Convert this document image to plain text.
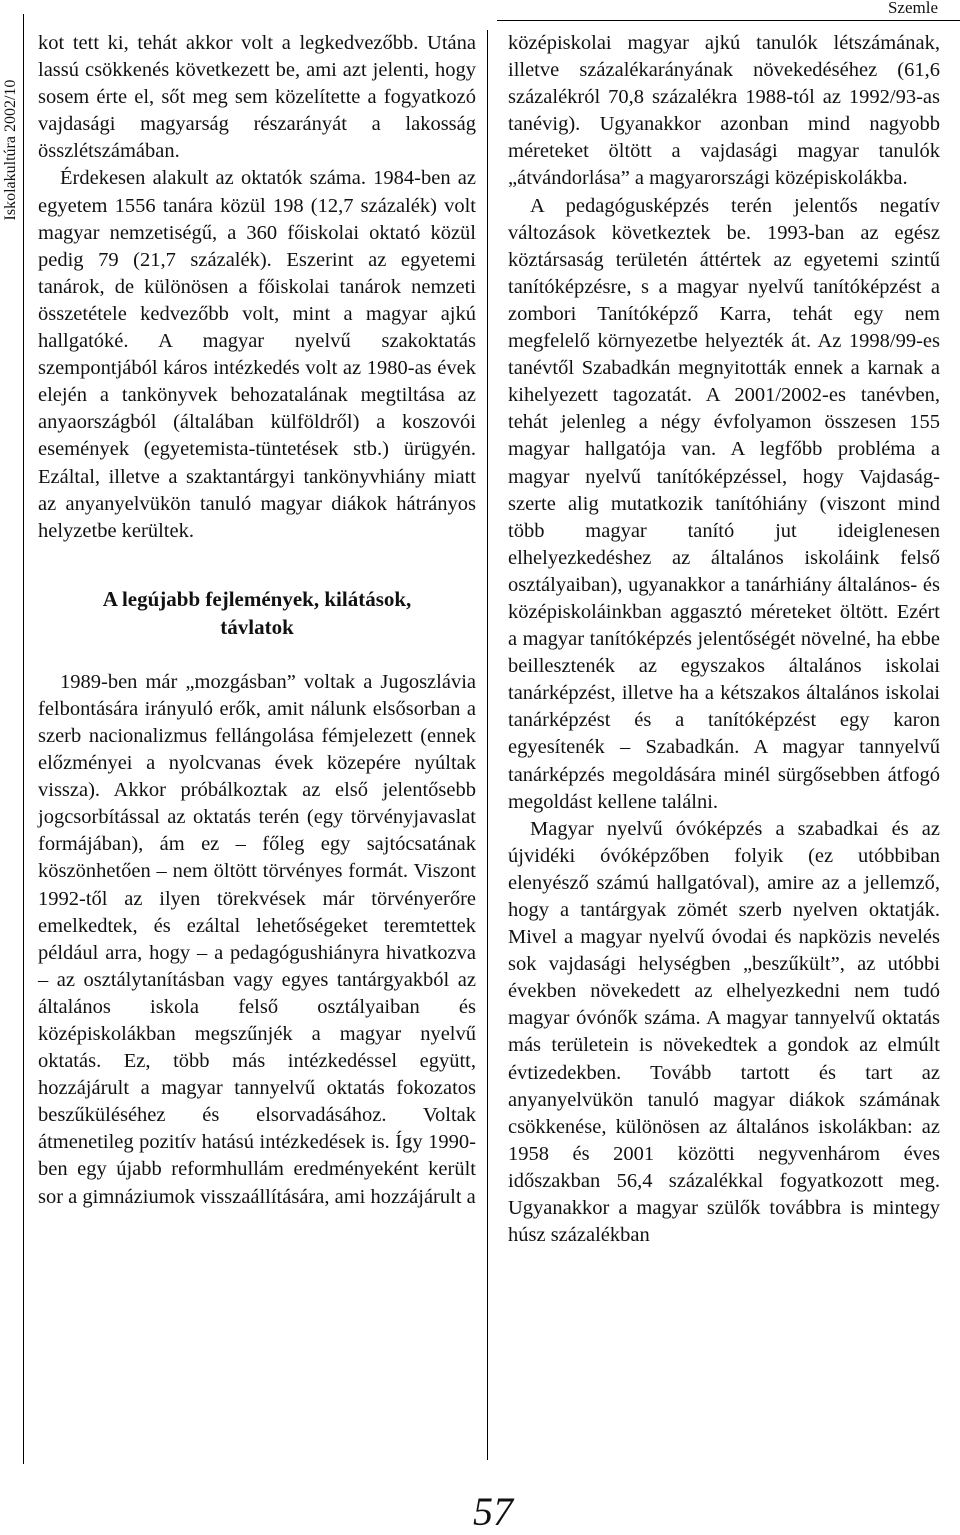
Iskolakultúra 2002/10
Szemle

kot tett ki, tehát akkor volt a legkedvezőbb. Utána lassú csökkenés következett be, ami azt jelenti, hogy sosem érte el, sőt meg sem közelítette a fogyatkozó vajdasági magyarság részarányát a lakosság összlétszámában.

Érdekesen alakult az oktatók száma. 1984-ben az egyetem 1556 tanára közül 198 (12,7 százalék) volt magyar nemzetiségű, a 360 főiskolai oktató közül pedig 79 (21,7 százalék). Eszerint az egyetemi tanárok, de különösen a főiskolai tanárok nemzeti összetétele kedvezőbb volt, mint a magyar ajkú hallgatóké. A magyar nyelvű szakoktatás szempontjából káros intézkedés volt az 1980-as évek elején a tankönyvek behozatalának megtiltása az anyaországból (általában külföldről) a koszovói események (egyetemista-tüntetések stb.) ürügyén. Ezáltal, illetve a szaktantárgyi tankönyvhiány miatt az anyanyelvükön tanuló magyar diákok hátrányos helyzetbe kerültek.

A legújabb fejlemények, kilátások, távlatok

1989-ben már „mozgásban” voltak a Jugoszlávia felbontására irányuló erők, amit nálunk elsősorban a szerb nacionalizmus fellángolása fémjelezett (ennek előzményei a nyolcvanas évek közepére nyúltak vissza). Akkor próbálkoztak az első jelentősebb jogcsorbítással az oktatás terén (egy törvényjavaslat formájában), ám ez – főleg egy sajtócsatának köszönhetően – nem öltött törvényes formát. Viszont 1992-től az ilyen törekvések már törvényerőre emelkedtek, és ezáltal lehetőségeket teremtettek például arra, hogy – a pedagógushiányra hivatkozva – az osztálytanításban vagy egyes tantárgyakból az általános iskola felső osztályaiban és középiskolákban megszűnjék a magyar nyelvű oktatás. Ez, több más intézkedéssel együtt, hozzájárult a magyar tannyelvű oktatás fokozatos beszűküléséhez és elsorvadásához. Voltak átmenetileg pozitív hatású intézkedések is. Így 1990-ben egy újabb reformhullám eredményeként került sor a gimnáziumok visszaállítására, ami hozzájárult a

középiskolai magyar ajkú tanulók létszámának, illetve százalékarányának növekedéséhez (61,6 százalékról 70,8 százalékra 1988-tól az 1992/93-as tanévig). Ugyanakkor azonban mind nagyobb méreteket öltött a vajdasági magyar tanulók „átvándorlása” a magyarországi középiskolákba.

A pedagógusképzés terén jelentős negatív változások következtek be. 1993-ban az egész köztársaság területén áttértek az egyetemi szintű tanítóképzésre, s a magyar nyelvű tanítóképzést a zombori Tanítóképző Karra, tehát egy nem megfelelő környezetbe helyezték át. Az 1998/99-es tanévtől Szabadkán megnyitották ennek a karnak a kihelyezett tagozatát. A 2001/2002-es tanévben, tehát jelenleg a négy évfolyamon összesen 155 magyar hallgatója van. A legfőbb probléma a magyar nyelvű tanítóképzéssel, hogy Vajdaság-szerte alig mutatkozik tanítóhiány (viszont mind több magyar tanító jut ideiglenesen elhelyezkedéshez az általános iskoláink felső osztályaiban), ugyanakkor a tanárhiány általános- és középiskoláinkban aggasztó méreteket öltött. Ezért a magyar tanítóképzés jelentőségét növelné, ha ebbe beillesztenék az egyszakos általános iskolai tanárképzést, illetve ha a kétszakos általános iskolai tanárképzést és a tanítóképzést egy karon egyesítenék – Szabadkán. A magyar tannyelvű tanárképzés megoldására minél sürgősebben átfogó megoldást kellene találni.

Magyar nyelvű óvóképzés a szabadkai és az újvidéki óvóképzőben folyik (ez utóbbiban elenyésző számú hallgatóval), amire az a jellemző, hogy a tantárgyak zömét szerb nyelven oktatják. Mivel a magyar nyelvű óvodai és napközis nevelés sok vajdasági helységben „beszűkült”, az utóbbi években növekedett az elhelyezkedni nem tudó magyar óvónők száma. A magyar tannyelvű oktatás más területein is növekedtek a gondok az elmúlt évtizedekben. Tovább tartott és tart az anyanyelvükön tanuló magyar diákok számának csökkenése, különösen az általános iskolákban: az 1958 és 2001 közötti negyvenhárom éves időszakban 56,4 százalékkal fogyatkozott meg. Ugyanakkor a magyar szülők továbbra is mintegy húsz százalékban

57
